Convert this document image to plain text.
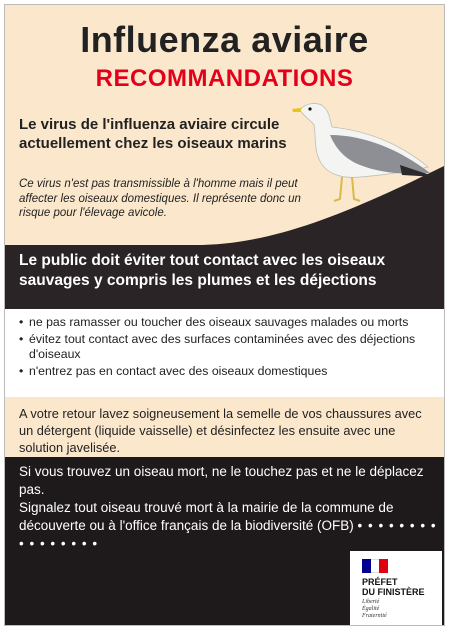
Influenza aviaire
RECOMMANDATIONS
Le virus de l'influenza aviaire circule actuellement chez les oiseaux marins
Ce virus n'est pas transmissible à l'homme mais il peut affecter les oiseaux domestiques. Il représente donc un risque pour l'élevage avicole.
Le public doit éviter tout contact avec les oiseaux sauvages y compris les plumes et les déjections
• ne pas ramasser ou toucher des oiseaux sauvages malades ou morts
• évitez tout contact avec des surfaces contaminées avec des déjections d'oiseaux
• n'entrez pas en contact avec des oiseaux domestiques
A votre retour lavez soigneusement la semelle de vos chaussures avec un détergent (liquide vaisselle) et désinfectez les ensuite avec une solution javelisée.
Si vous trouvez un oiseau mort, ne le touchez pas et ne le déplacez pas.
Signalez tout oiseau trouvé mort à la mairie de la commune de découverte ou à l'office français de la biodiversité (OFB) • • • • • • • • • • • • • • • •
PRÉFET
DU FINISTÈRE
Liberté
Égalité
Fraternité
